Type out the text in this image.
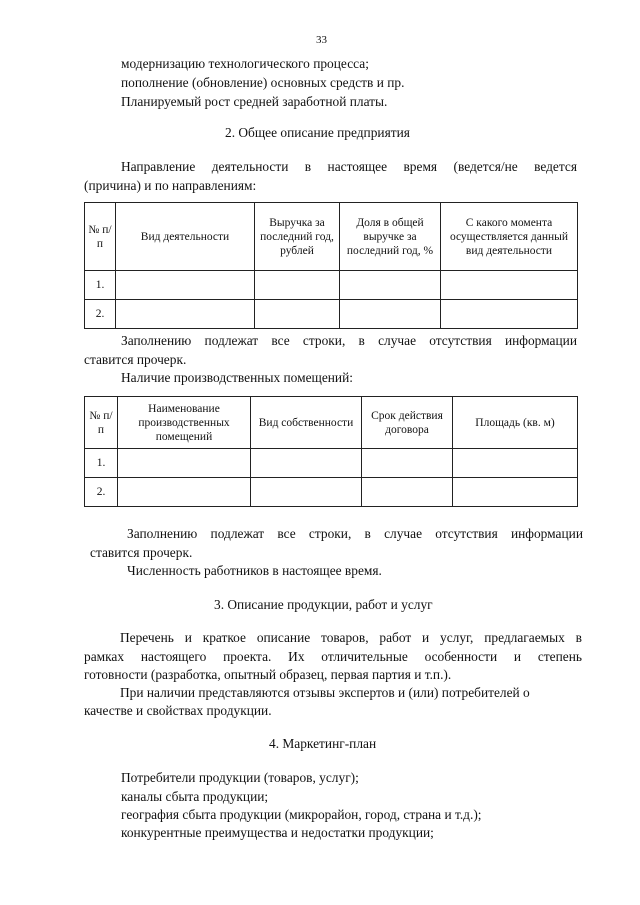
33
модернизацию технологического процесса;
пополнение (обновление) основных средств и пр.
Планируемый рост средней заработной платы.
2. Общее описание предприятия
Направление деятельности в настоящее время (ведется/не ведется
(причина) и по направлениям:
№ п/п	Вид деятельности	Выручка за последний год, рублей	Доля в общей выручке за последний год, %	С какого момента осуществляется данный вид деятельности
1.				
2.				
Заполнению подлежат все строки, в случае отсутствия информации
ставится прочерк.
Наличие производственных помещений:
№ п/п	Наименование производственных помещений	Вид собственности	Срок действия договора	Площадь (кв. м)
1.				
2.				
Заполнению подлежат все строки, в случае отсутствия информации
ставится прочерк.
Численность работников в настоящее время.
3. Описание продукции, работ и услуг
Перечень и краткое описание товаров, работ и услуг, предлагаемых в
рамках настоящего проекта. Их отличительные особенности и степень
готовности (разработка, опытный образец, первая партия и т.п.).
При наличии представляются отзывы экспертов и (или) потребителей о
качестве и свойствах продукции.
4. Маркетинг-план
Потребители продукции (товаров, услуг);
каналы сбыта продукции;
география сбыта продукции (микрорайон, город, страна и т.д.);
конкурентные преимущества и недостатки продукции;
